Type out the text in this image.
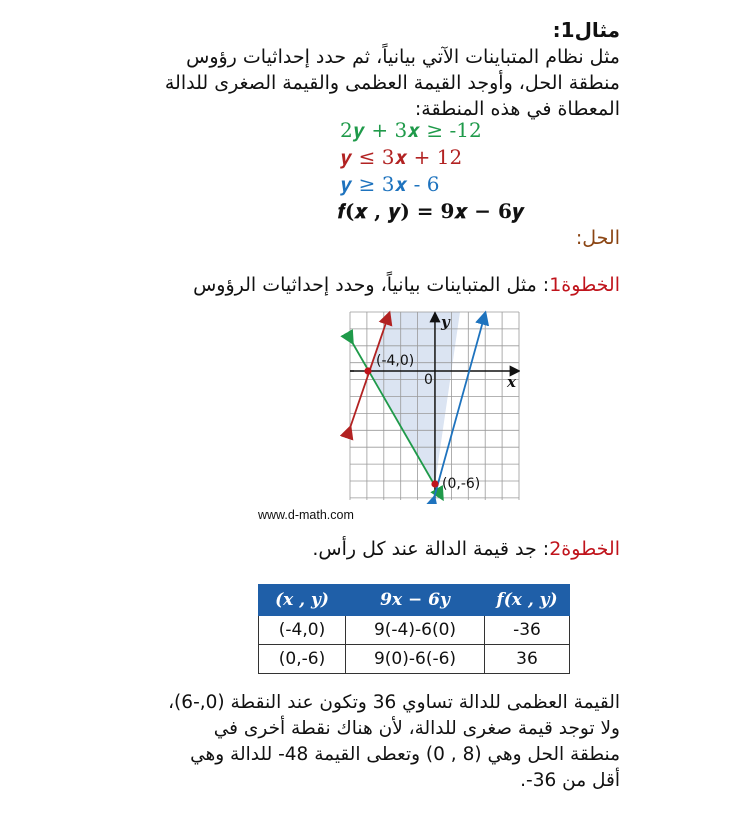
مثال1:
مثل نظام المتباينات الآتي بيانياً، ثم حدد إحداثيات رؤوس
منطقة الحل، وأوجد القيمة العظمى والقيمة الصغرى للدالة
المعطاة في هذه المنطقة:
2𝒚 + 3𝒙 ≥ -12
𝒚 ≤ 3𝒙 + 12
𝒚 ≥ 3𝒙 - 6
𝒇(𝒙 , 𝒚) = 9𝒙 − 6𝒚
الحل:
الخطوة1: مثل المتباينات بيانياً، وحدد إحداثيات الرؤوس
(-4,0)
(0,-6)
0	x
y
www.d-math.com
الخطوة2: جد قيمة الدالة عند كل رأس.
(𝒙 , 𝒚)	9𝒙 − 6𝒚	𝒇(𝒙 , 𝒚)
(-4,0)	9(-4)-6(0)	-36
(0,-6)	9(0)-6(-6)	36
القيمة العظمى للدالة تساوي 36 وتكون عند النقطة (0,-6)،
ولا توجد قيمة صغرى للدالة، لأن هناك نقطة أخرى في
منطقة الحل وهي (8 , 0) وتعطى القيمة 48- للدالة وهي
أقل من 36-.
